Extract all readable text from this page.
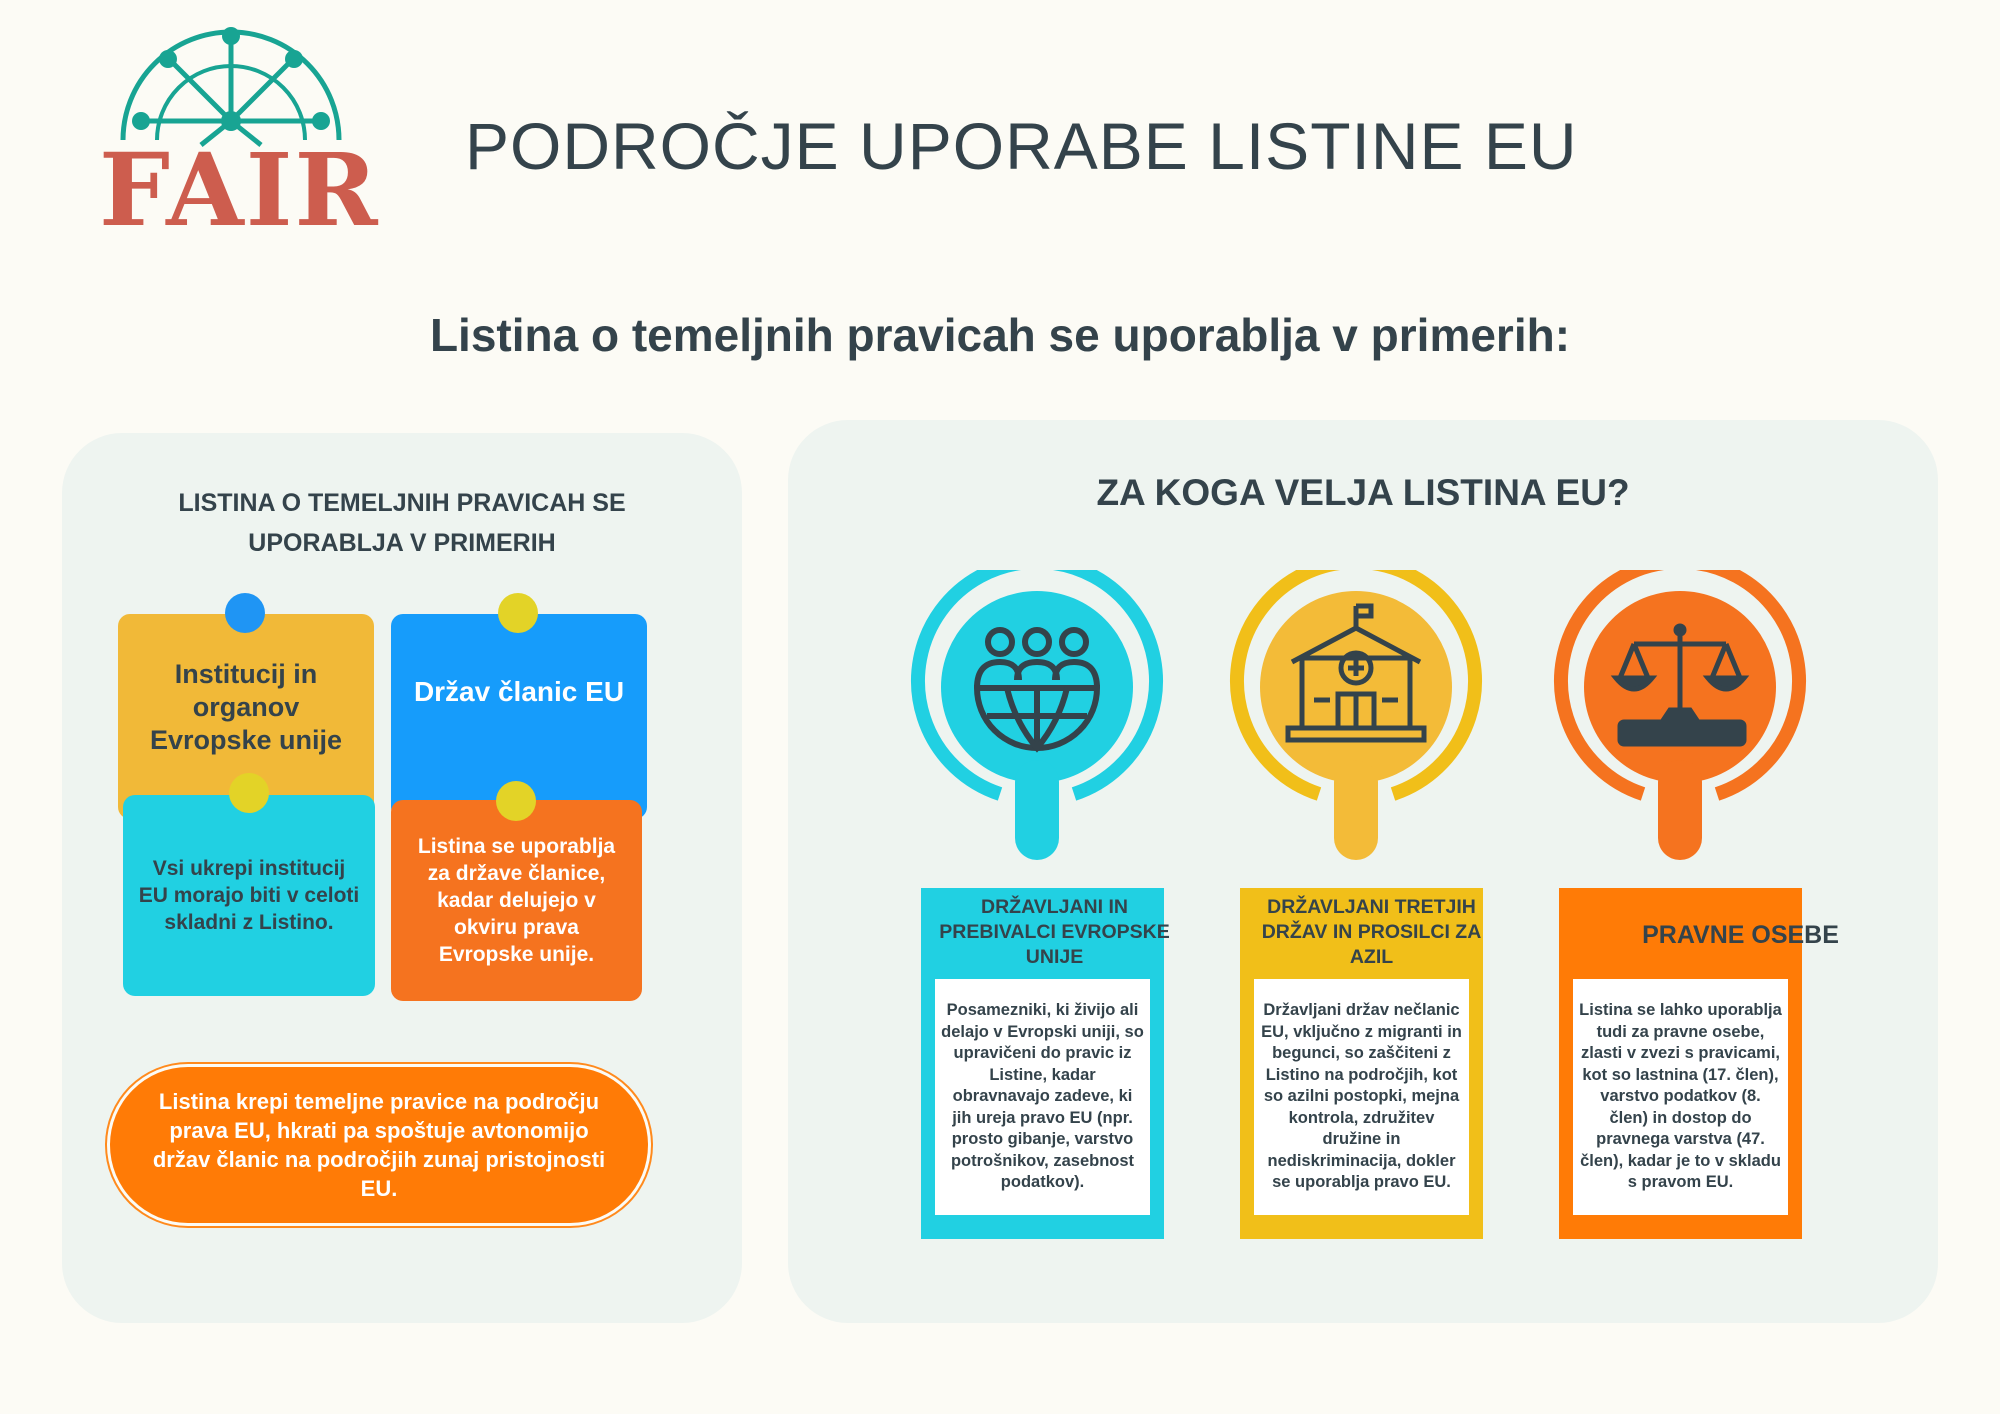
FAIR PODROČJE UPORABE LISTINE EU
Listina o temeljnih pravicah se uporablja v primerih:
LISTINA O TEMELJNIH PRAVICAH SE
UPORABLJA V PRIMERIH
Institucij in organov Evropske unije
Držav članic EU
Vsi ukrepi institucij EU morajo biti v celoti skladni z Listino.
Listina se uporablja za države članice, kadar delujejo v okviru prava Evropske unije.
Listina krepi temeljne pravice na področju prava EU, hkrati pa spoštuje avtonomijo držav članic na področjih zunaj pristojnosti EU.
ZA KOGA VELJA LISTINA EU?
DRŽAVLJANI IN PREBIVALCI EVROPSKE UNIJE
Posamezniki, ki živijo ali delajo v Evropski uniji, so upravičeni do pravic iz Listine, kadar obravnavajo zadeve, ki jih ureja pravo EU (npr. prosto gibanje, varstvo potrošnikov, zasebnost podatkov).
DRŽAVLJANI TRETJIH DRŽAV IN PROSILCI ZA AZIL
Državljani držav nečlanic EU, vključno z migranti in begunci, so zaščiteni z Listino na področjih, kot so azilni postopki, mejna kontrola, združitev družine in nediskriminacija, dokler se uporablja pravo EU.
PRAVNE OSEBE
Listina se lahko uporablja tudi za pravne osebe, zlasti v zvezi s pravicami, kot so lastnina (17. člen), varstvo podatkov (8. člen) in dostop do pravnega varstva (47. člen), kadar je to v skladu s pravom EU.
